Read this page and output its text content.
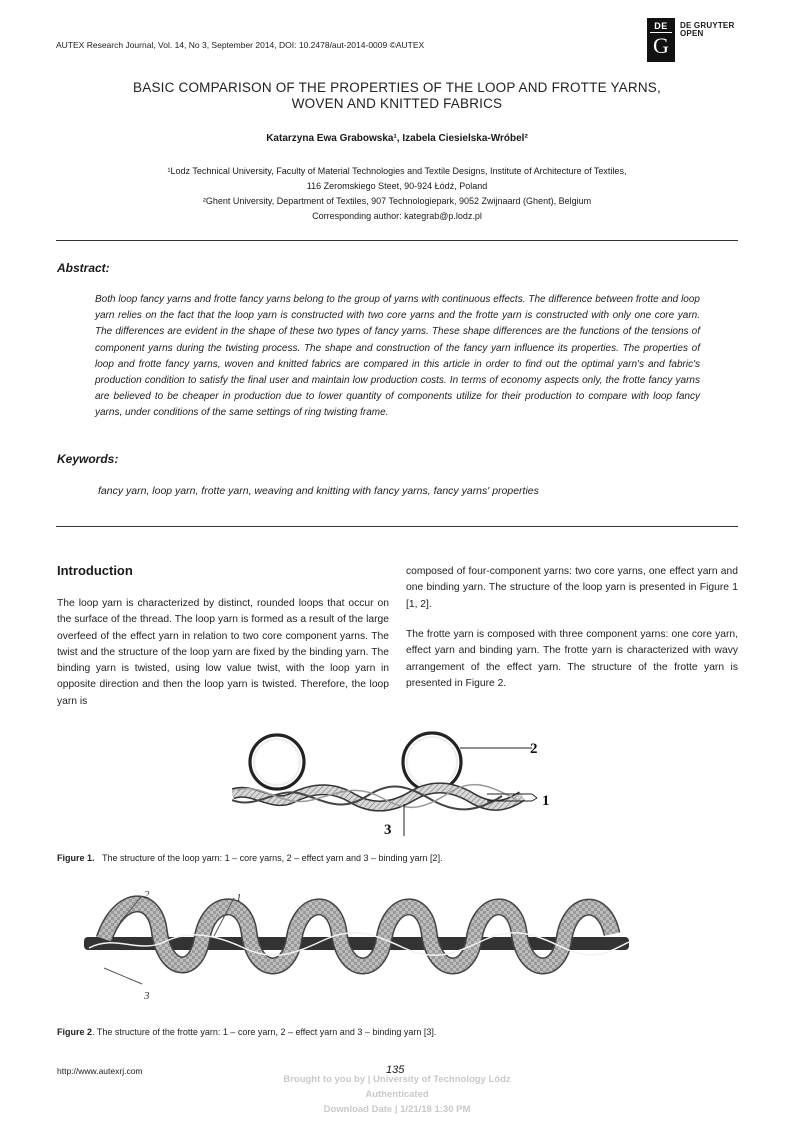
AUTEX Research Journal, Vol. 14, No 3, September 2014, DOI: 10.2478/aut-2014-0009 ©AUTEX
DE
G
DE GRUYTER
OPEN
BASIC COMPARISON OF THE PROPERTIES OF THE LOOP AND FROTTE YARNS,
WOVEN AND KNITTED FABRICS
Katarzyna Ewa Grabowska¹, Izabela Ciesielska-Wróbel²
¹Lodz Technical University, Faculty of Material Technologies and Textile Designs, Institute of Architecture of Textiles,
116 Zeromskiego Steet, 90-924 Łódź, Poland
²Ghent University, Department of Textiles, 907 Technologiepark, 9052 Zwijnaard (Ghent), Belgium
Corresponding author: kategrab@p.lodz.pl
Abstract:
Both loop fancy yarns and frotte fancy yarns belong to the group of yarns with continuous effects. The difference between frotte and loop yarn relies on the fact that the loop yarn is constructed with two core yarns and the frotte yarn is constructed with only one core yarn. The differences are evident in the shape of these two types of fancy yarns. These shape differences are the functions of the tensions of component yarns during the twisting process. The shape and construction of the fancy yarn influence its properties. The properties of loop and frotte fancy yarns, woven and knitted fabrics are compared in this article in order to find out the optimal yarn's and fabric's production condition to satisfy the final user and maintain low production costs. In terms of economy aspects only, the frotte fancy yarns are believed to be cheaper in production due to lower quantity of components utilize for their production to compare with loop fancy yarns, under conditions of the same settings of ring twisting frame.
Keywords:
fancy yarn, loop yarn, frotte yarn, weaving and knitting with fancy yarns, fancy yarns' properties
Introduction
The loop yarn is characterized by distinct, rounded loops that occur on the surface of the thread. The loop yarn is formed as a result of the large overfeed of the effect yarn in relation to two core component yarns. The twist and the structure of the loop yarn are fixed by the binding yarn. The binding yarn is twisted, using low value twist, with the loop yarn in opposite direction and then the loop yarn is twisted. Therefore, the loop yarn is
composed of four-component yarns: two core yarns, one effect yarn and one binding yarn. The structure of the loop yarn is presented in Figure 1 [1, 2].
The frotte yarn is composed with three component yarns: one core yarn, effect yarn and binding yarn. The frotte yarn is characterized with wavy arrangement of the effect yarn. The structure of the frotte yarn is presented in Figure 2.
2
1
3
Figure 1. The structure of the loop yarn: 1 – core yarns, 2 – effect yarn and 3 – binding yarn [2].
2	1
3
Figure 2. The structure of the frotte yarn: 1 – core yarn, 2 – effect yarn and 3 – binding yarn [3].
http://www.autexrj.com	135
Brought to you by | University of Technology Lódz
Authenticated
Download Date | 1/21/18 1:30 PM
